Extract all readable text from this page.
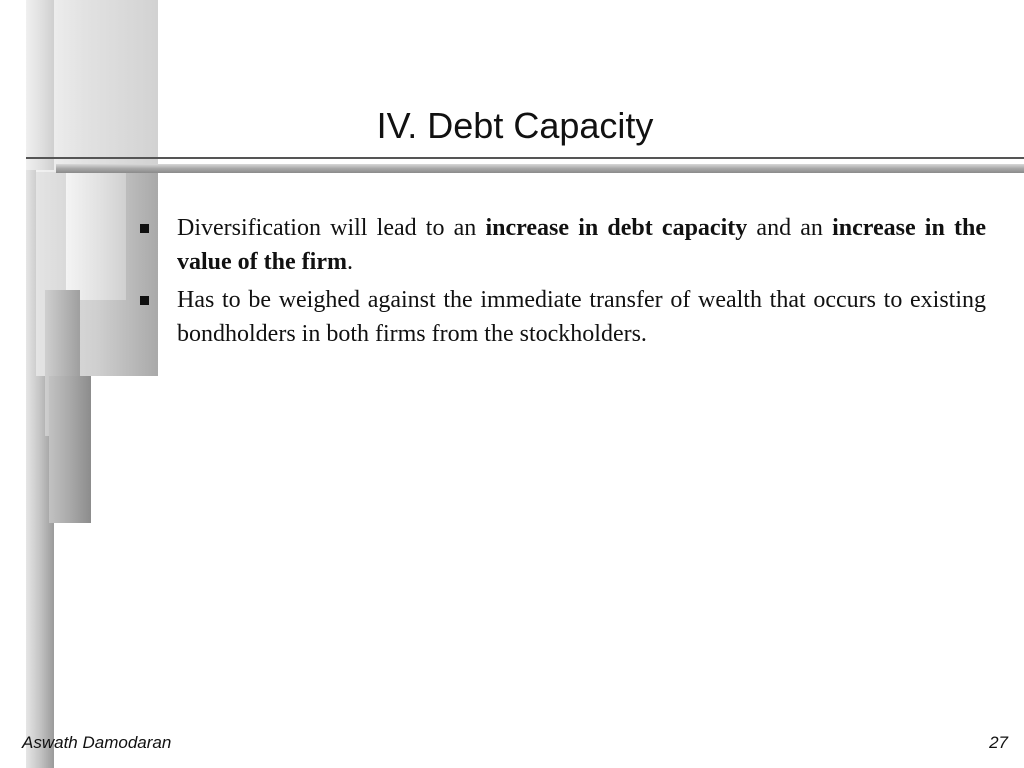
IV. Debt Capacity
Diversification will lead to an increase in debt capacity and an increase in the value of the firm.
Has to be weighed against the immediate transfer of wealth that occurs to existing bondholders in both firms from the stockholders.

Aswath Damodaran	27
